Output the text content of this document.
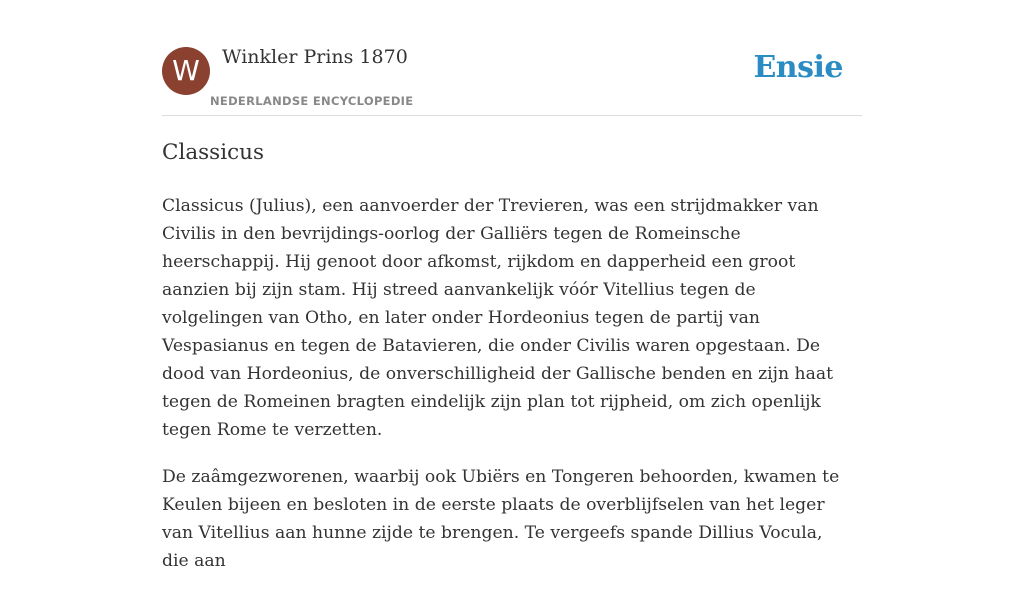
W	Winkler Prins 1870
NEDERLANDSE ENCYCLOPEDIE
Ensie
Classicus

Classicus (Julius), een aanvoerder der Trevieren, was een strijdmakker van Civilis in den bevrijdings-oorlog der Galliërs tegen de Romeinsche heerschappij. Hij genoot door afkomst, rijkdom en dapperheid een groot aanzien bij zijn stam. Hij streed aanvankelijk vóór Vitellius tegen de volgelingen van Otho, en later onder Hordeonius tegen de partij van Vespasianus en tegen de Batavieren, die onder Civilis waren opgestaan. De dood van Hordeonius, de onverschilligheid der Gallische benden en zijn haat tegen de Romeinen bragten eindelijk zijn plan tot rijpheid, om zich openlijk tegen Rome te verzetten.

De zaâmgezworenen, waarbij ook Ubiërs en Tongeren behoorden, kwamen te Keulen bijeen en besloten in de eerste plaats de overblijfselen van het leger van Vitellius aan hunne zijde te brengen. Te vergeefs spande Dillius Vocula, die aan
